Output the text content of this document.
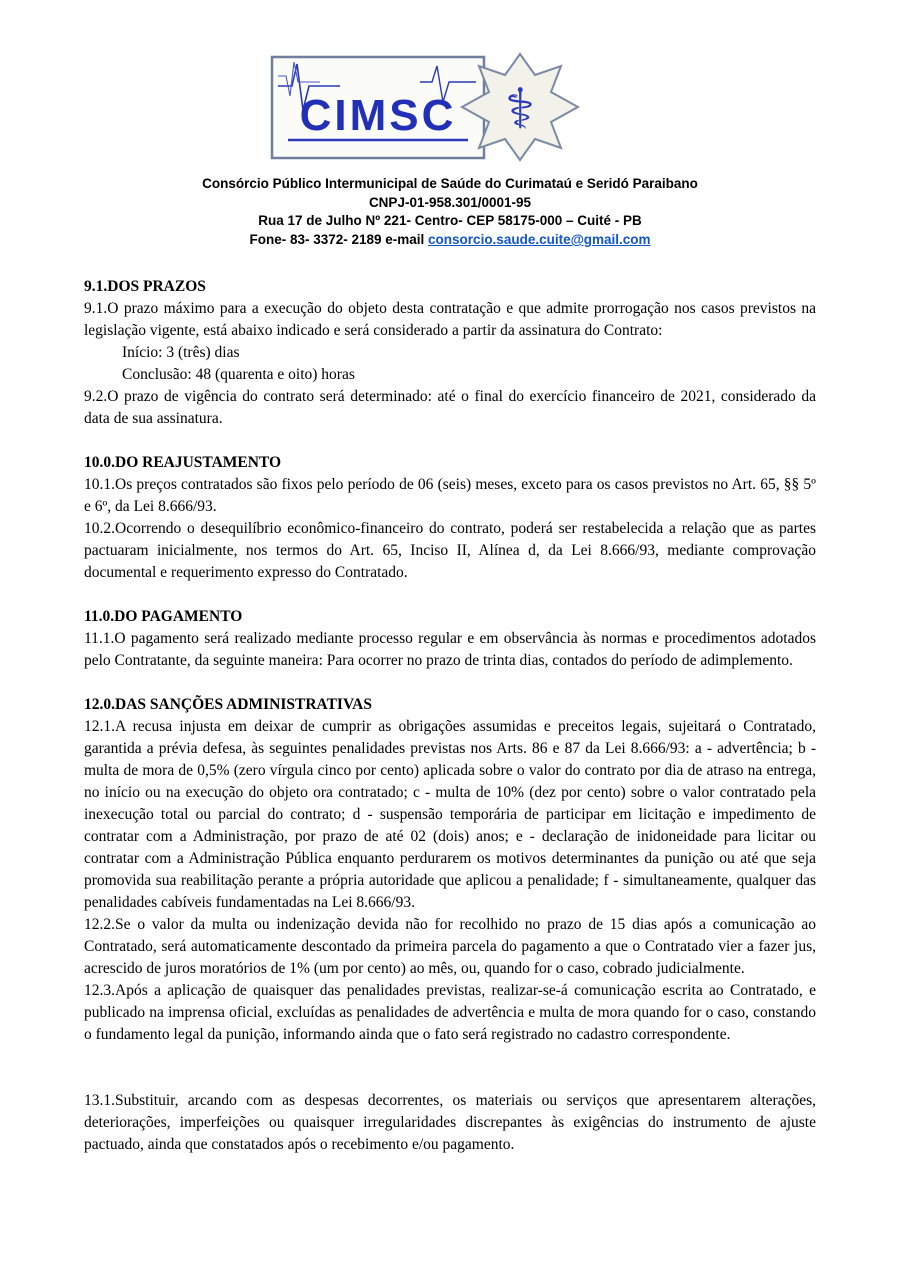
CIMSC ⚕
Consórcio Público Intermunicipal de Saúde do Curimataú e Seridó Paraibano
CNPJ-01-958.301/0001-95
Rua 17 de Julho Nº 221- Centro- CEP 58175-000 – Cuité - PB
Fone- 83- 3372- 2189 e-mail consorcio.saude.cuite@gmail.com

9.1.DOS PRAZOS

9.1.O prazo máximo para a execução do objeto desta contratação e que admite prorrogação nos casos previstos na legislação vigente, está abaixo indicado e será considerado a partir da assinatura do Contrato:

Início: 3 (três) dias

Conclusão: 48 (quarenta e oito) horas

9.2.O prazo de vigência do contrato será determinado: até o final do exercício financeiro de 2021, considerado da data de sua assinatura.

10.0.DO REAJUSTAMENTO

10.1.Os preços contratados são fixos pelo período de 06 (seis) meses, exceto para os casos previstos no Art. 65, §§ 5º e 6º, da Lei 8.666/93.

10.2.Ocorrendo o desequilíbrio econômico-financeiro do contrato, poderá ser restabelecida a relação que as partes pactuaram inicialmente, nos termos do Art. 65, Inciso II, Alínea d, da Lei 8.666/93, mediante comprovação documental e requerimento expresso do Contratado.

11.0.DO PAGAMENTO

11.1.O pagamento será realizado mediante processo regular e em observância às normas e procedimentos adotados pelo Contratante, da seguinte maneira: Para ocorrer no prazo de trinta dias, contados do período de adimplemento.

12.0.DAS SANÇÕES ADMINISTRATIVAS

12.1.A recusa injusta em deixar de cumprir as obrigações assumidas e preceitos legais, sujeitará o Contratado, garantida a prévia defesa, às seguintes penalidades previstas nos Arts. 86 e 87 da Lei 8.666/93: a - advertência; b - multa de mora de 0,5% (zero vírgula cinco por cento) aplicada sobre o valor do contrato por dia de atraso na entrega, no início ou na execução do objeto ora contratado; c - multa de 10% (dez por cento) sobre o valor contratado pela inexecução total ou parcial do contrato; d - suspensão temporária de participar em licitação e impedimento de contratar com a Administração, por prazo de até 02 (dois) anos; e - declaração de inidoneidade para licitar ou contratar com a Administração Pública enquanto perdurarem os motivos determinantes da punição ou até que seja promovida sua reabilitação perante a própria autoridade que aplicou a penalidade; f - simultaneamente, qualquer das penalidades cabíveis fundamentadas na Lei 8.666/93.

12.2.Se o valor da multa ou indenização devida não for recolhido no prazo de 15 dias após a comunicação ao Contratado, será automaticamente descontado da primeira parcela do pagamento a que o Contratado vier a fazer jus, acrescido de juros moratórios de 1% (um por cento) ao mês, ou, quando for o caso, cobrado judicialmente.

12.3.Após a aplicação de quaisquer das penalidades previstas, realizar-se-á comunicação escrita ao Contratado, e publicado na imprensa oficial, excluídas as penalidades de advertência e multa de mora quando for o caso, constando o fundamento legal da punição, informando ainda que o fato será registrado no cadastro correspondente.

13.1.Substituir, arcando com as despesas decorrentes, os materiais ou serviços que apresentarem alterações, deteriorações, imperfeições ou quaisquer irregularidades discrepantes às exigências do instrumento de ajuste pactuado, ainda que constatados após o recebimento e/ou pagamento.
